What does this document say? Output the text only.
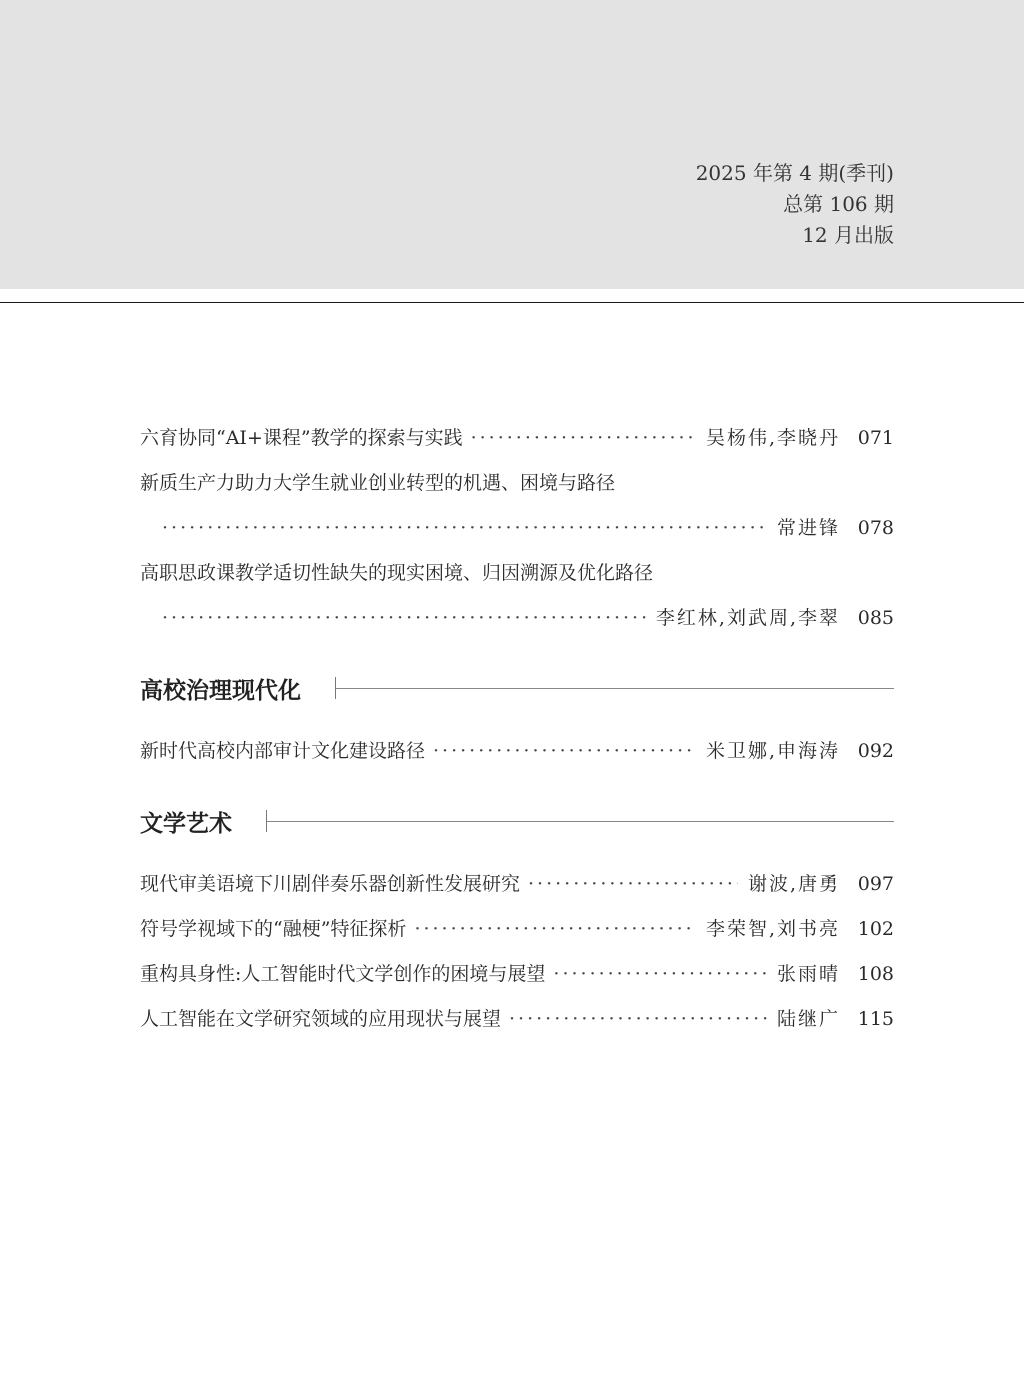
2025 年第 4 期(季刊)
总第 106 期
12 月出版
六育协同“AI+课程”教学的探索与实践 ·····	吴杨伟,李晓丹 071
新质生产力助力大学生就业创业转型的机遇、困境与路径
·····
常进锋 078
高职思政课教学适切性缺失的现实困境、归因溯源及优化路径
·····
李红林,刘武周,李翠 085
高校治理现代化
新时代高校内部审计文化建设路径 ·····	米卫娜,申海涛 092
文学艺术
现代审美语境下川剧伴奏乐器创新性发展研究 ·····	谢波,唐勇 097
符号学视域下的“融梗”特征探析 ·····	李荣智,刘书亮 102
重构具身性:人工智能时代文学创作的困境与展望 ·····	张雨晴 108
人工智能在文学研究领域的应用现状与展望 ·····	陆继广 115
